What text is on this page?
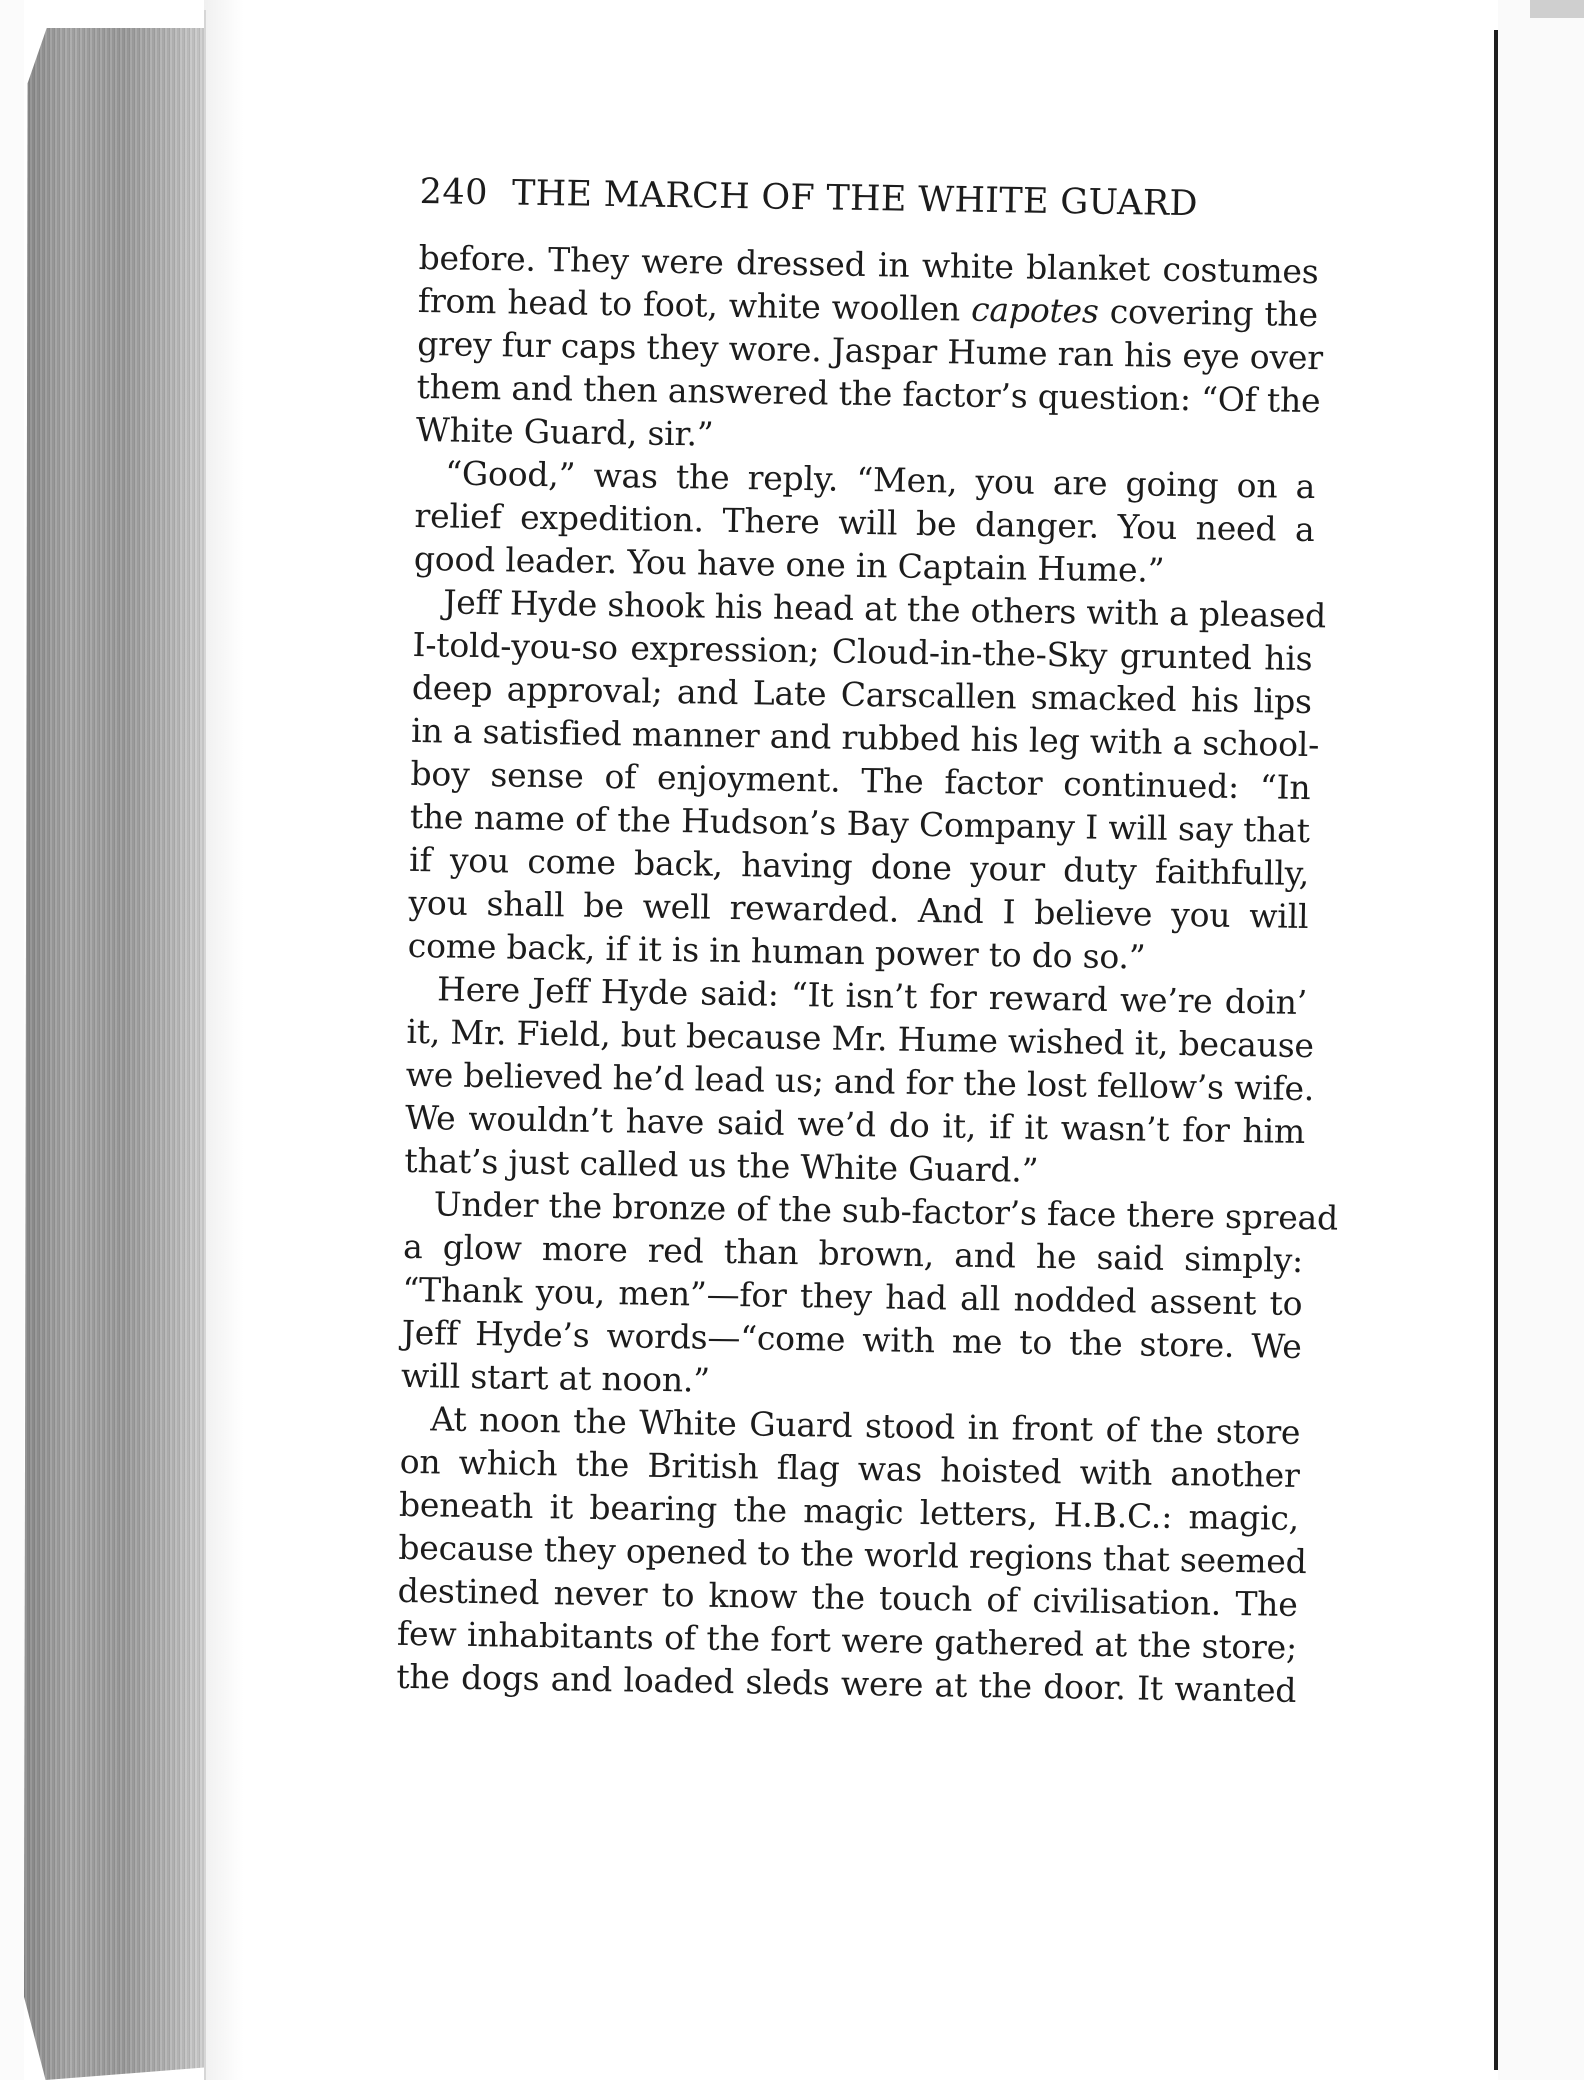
240 THE MARCH OF THE WHITE GUARD
before. They were dressed in white blanket costumes
from head to foot, white woollen capotes covering the
grey fur caps they wore. Jaspar Hume ran his eye over
them and then answered the factor’s question: “Of the
White Guard, sir.”
“Good,” was the reply. “Men, you are going on a
relief expedition. There will be danger. You need a
good leader. You have one in Captain Hume.”
Jeff Hyde shook his head at the others with a pleased
I-told-you-so expression; Cloud-in-the-Sky grunted his
deep approval; and Late Carscallen smacked his lips
in a satisfied manner and rubbed his leg with a school-
boy sense of enjoyment. The factor continued: “In
the name of the Hudson’s Bay Company I will say that
if you come back, having done your duty faithfully,
you shall be well rewarded. And I believe you will
come back, if it is in human power to do so.”
Here Jeff Hyde said: “It isn’t for reward we’re doin’
it, Mr. Field, but because Mr. Hume wished it, because
we believed he’d lead us; and for the lost fellow’s wife.
We wouldn’t have said we’d do it, if it wasn’t for him
that’s just called us the White Guard.”
Under the bronze of the sub-factor’s face there spread
a glow more red than brown, and he said simply:
“Thank you, men”—for they had all nodded assent to
Jeff Hyde’s words—“come with me to the store. We
will start at noon.”
At noon the White Guard stood in front of the store
on which the British flag was hoisted with another
beneath it bearing the magic letters, H.B.C.: magic,
because they opened to the world regions that seemed
destined never to know the touch of civilisation. The
few inhabitants of the fort were gathered at the store;
the dogs and loaded sleds were at the door. It wanted
